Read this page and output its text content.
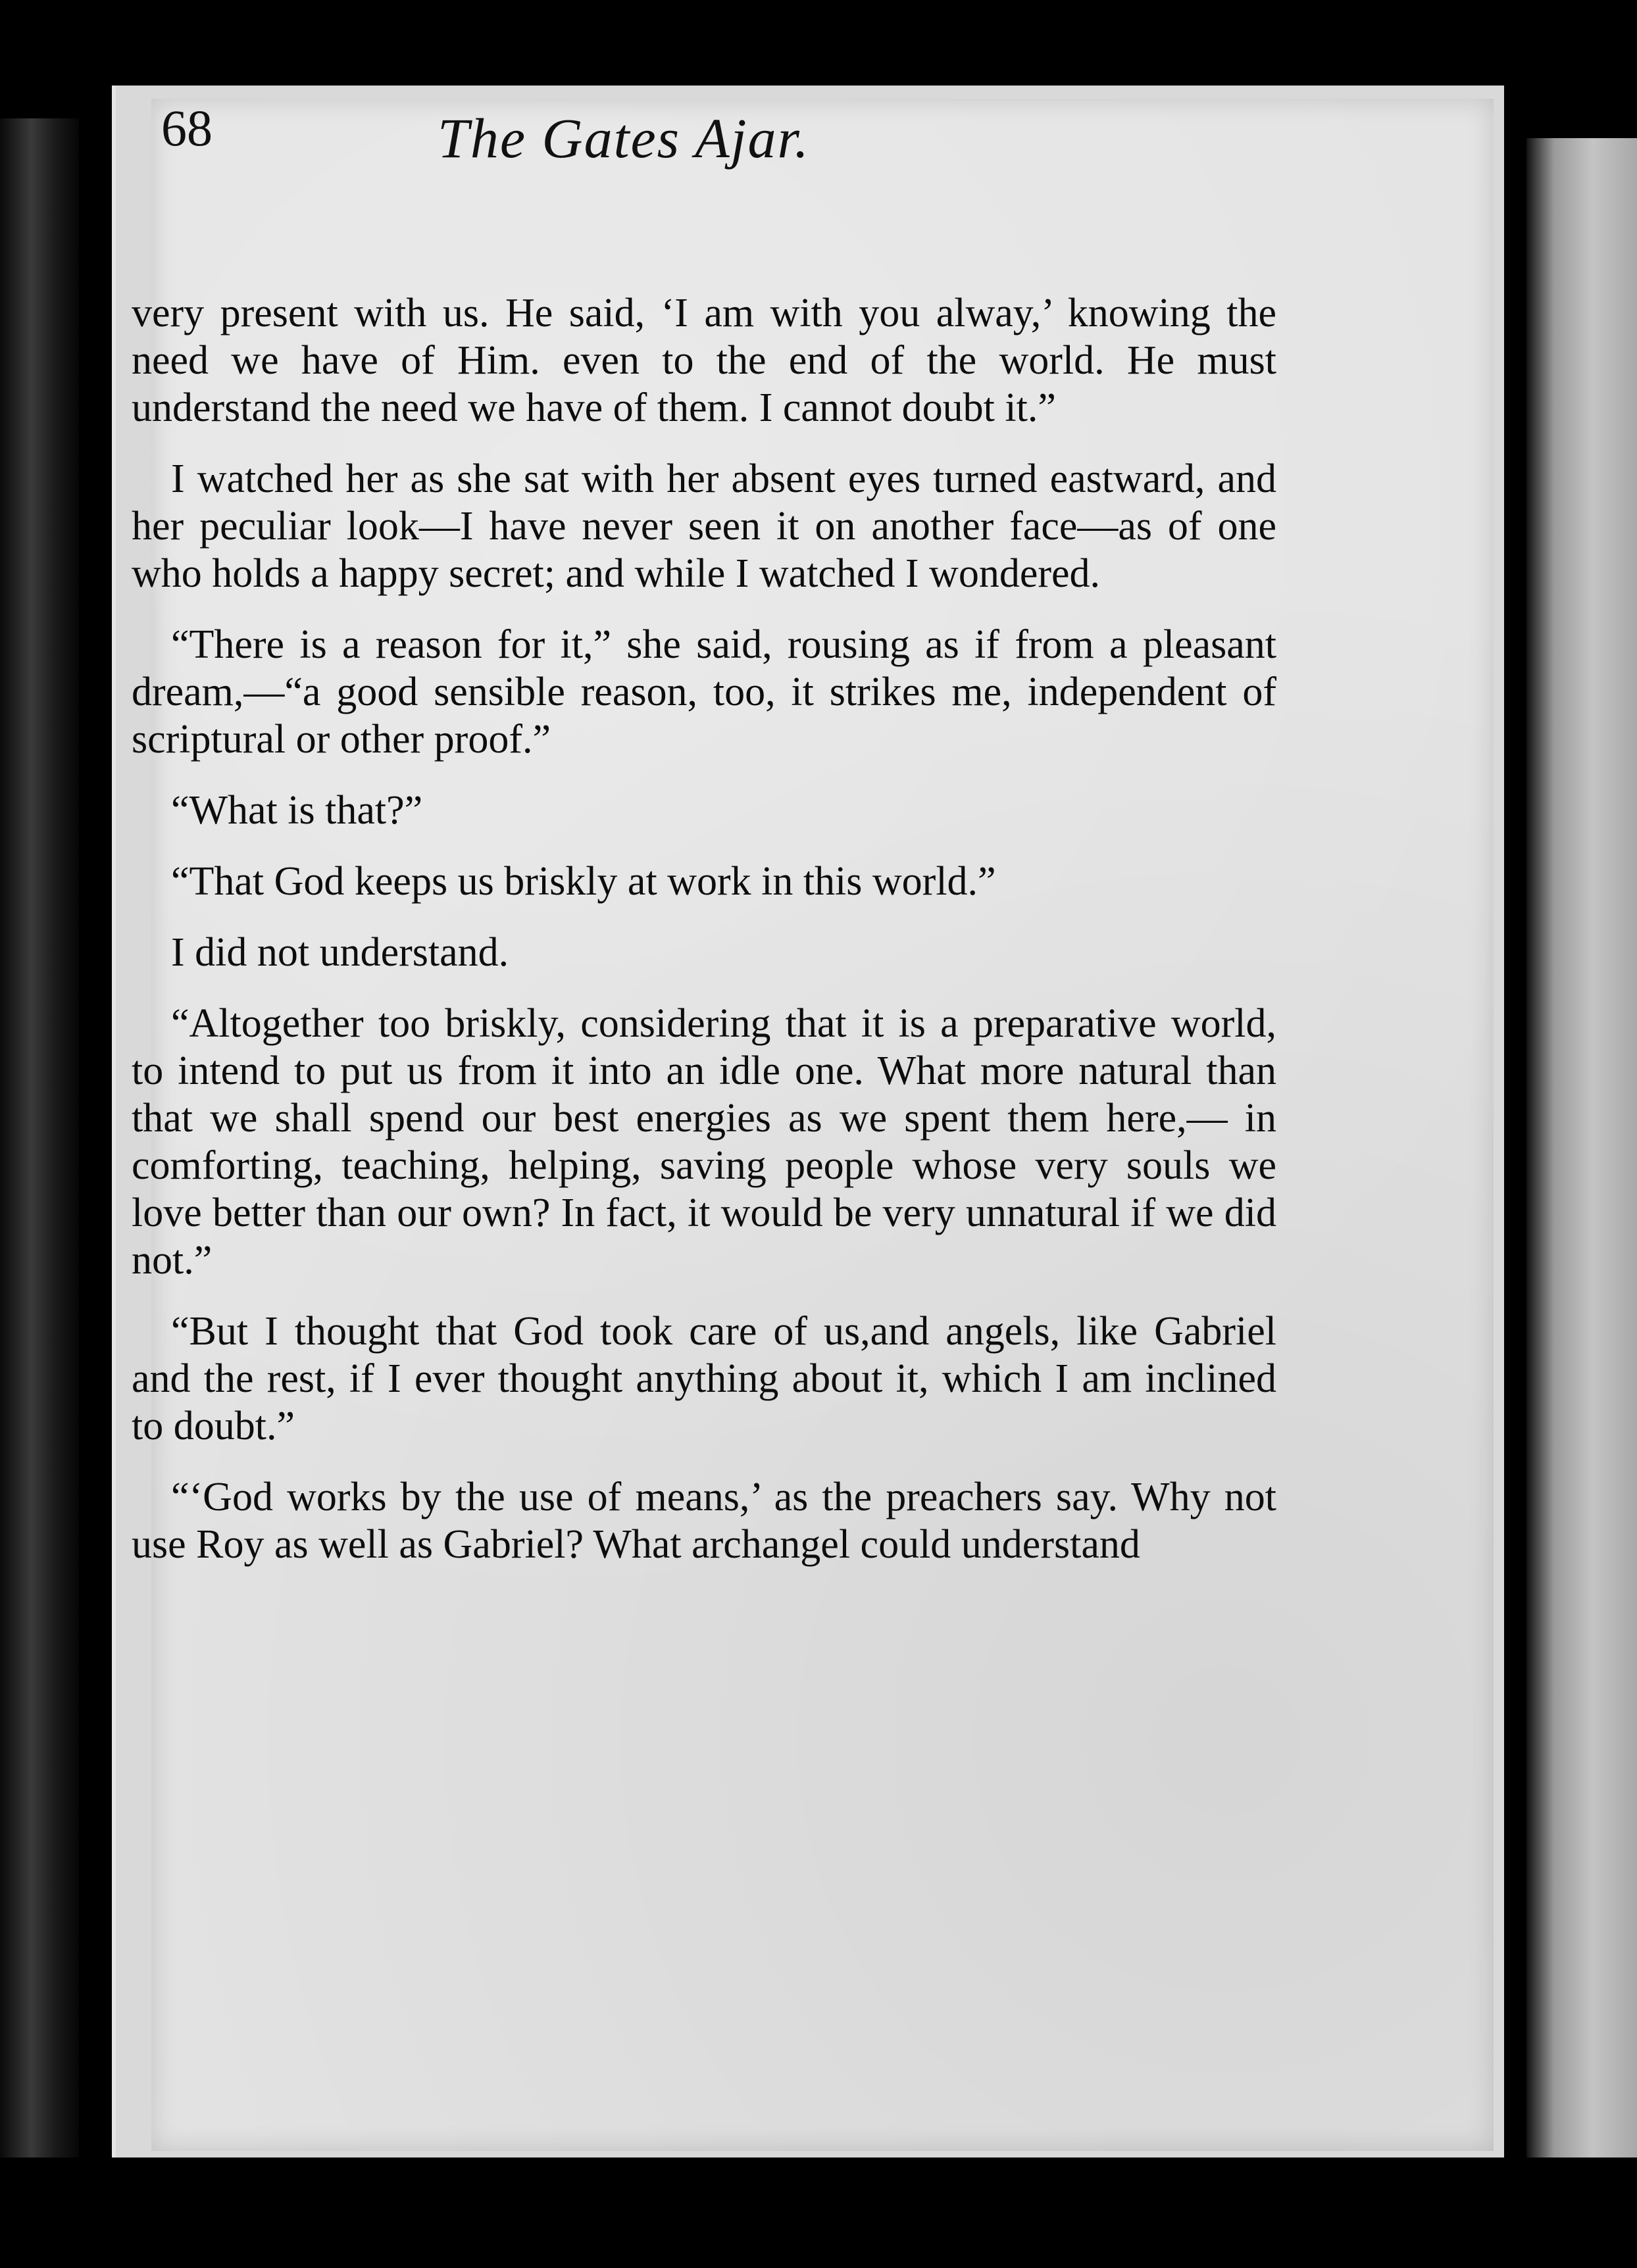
68	The Gates Ajar.

very present with us. He said, ‘I am with you alway,’ knowing the need we have of Him. even to the end of the world. He must understand the need we have of them. I cannot doubt it.”

I watched her as she sat with her absent eyes turned eastward, and her peculiar look—I have never seen it on another face—as of one who holds a happy secret; and while I watched I wondered.

“There is a reason for it,” she said, rousing as if from a pleasant dream,—“a good sensible reason, too, it strikes me, independent of scriptural or other proof.”

“What is that?”

“That God keeps us briskly at work in this world.”

I did not understand.

“Altogether too briskly, considering that it is a preparative world, to intend to put us from it into an idle one. What more natural than that we shall spend our best energies as we spent them here,— in comforting, teaching, helping, saving people whose very souls we love better than our own? In fact, it would be very unnatural if we did not.”

“But I thought that God took care of us,and angels, like Gabriel and the rest, if I ever thought anything about it, which I am inclined to doubt.”

“‘God works by the use of means,’ as the preachers say. Why not use Roy as well as Gabriel? What archangel could understand
